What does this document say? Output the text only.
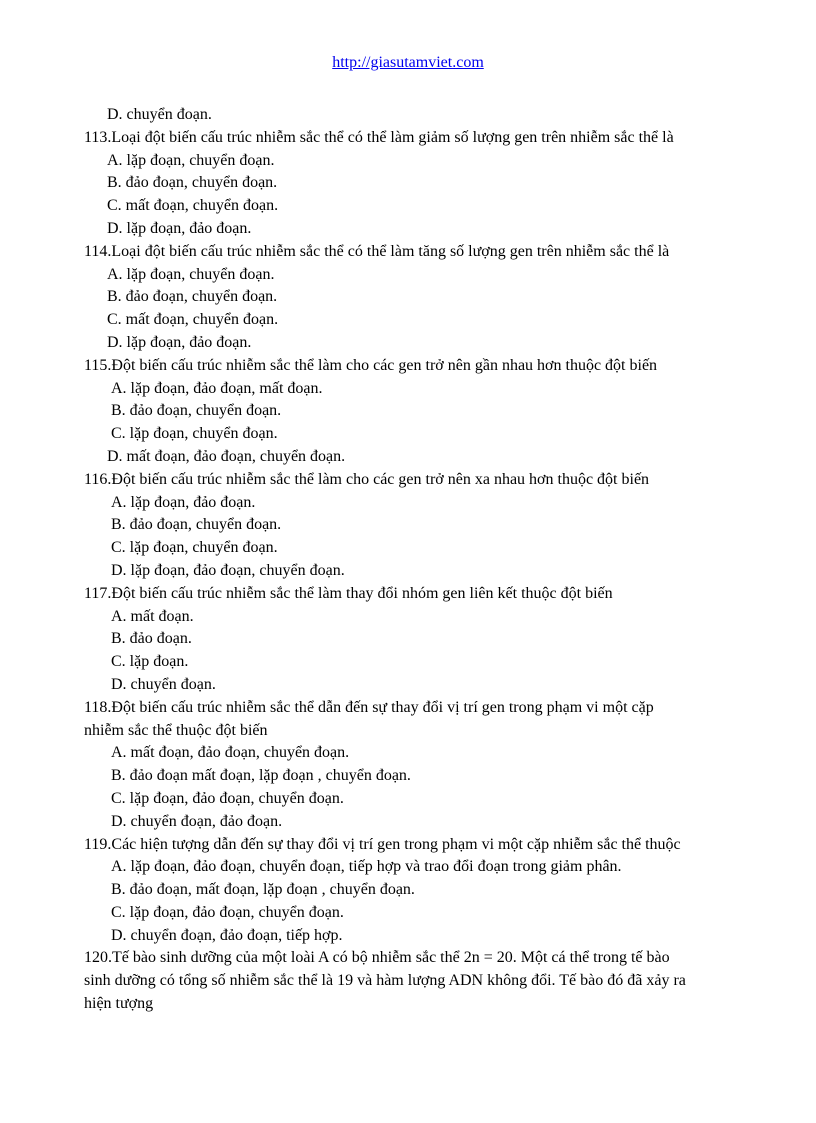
http://giasutamviet.com
D. chuyển đoạn.
113.Loại đột biến cấu trúc nhiễm sắc thể có thể làm giảm số lượng gen trên nhiễm sắc thể là
A. lặp đoạn, chuyển đoạn.
B. đảo đoạn, chuyển đoạn.
C. mất đoạn, chuyển đoạn.
D. lặp đoạn, đảo đoạn.
114.Loại đột biến cấu trúc nhiễm sắc thể có thể làm tăng số lượng gen trên nhiễm sắc thể là
A. lặp đoạn, chuyển đoạn.
B. đảo đoạn, chuyển đoạn.
C. mất đoạn, chuyển đoạn.
D. lặp đoạn, đảo đoạn.
115.Đột biến cấu trúc nhiễm sắc thể làm cho các gen trở nên gần nhau hơn thuộc đột biến
A. lặp đoạn, đảo đoạn, mất đoạn.
B. đảo đoạn, chuyển đoạn.
C. lặp đoạn, chuyển đoạn.
D. mất đoạn, đảo đoạn, chuyển đoạn.
116.Đột biến cấu trúc nhiễm sắc thể làm cho các gen trở nên xa nhau hơn thuộc đột biến
A. lặp đoạn, đảo đoạn.
B. đảo đoạn, chuyển đoạn.
C. lặp đoạn, chuyển đoạn.
D. lặp đoạn, đảo đoạn, chuyển đoạn.
117.Đột biến cấu trúc nhiễm sắc thể làm thay đổi nhóm gen liên kết thuộc đột biến
A. mất đoạn.
B. đảo đoạn.
C. lặp đoạn.
D. chuyển đoạn.
118.Đột biến cấu trúc nhiễm sắc thể dẫn đến sự thay đổi vị trí gen trong phạm vi một cặp
nhiễm sắc thể thuộc đột biến
A. mất đoạn, đảo đoạn, chuyển đoạn.
B. đảo đoạn mất đoạn, lặp đoạn , chuyển đoạn.
C. lặp đoạn, đảo đoạn, chuyển đoạn.
D. chuyển đoạn, đảo đoạn.
119.Các hiện tượng dẫn đến sự thay đổi vị trí gen trong phạm vi một cặp nhiễm sắc thể thuộc
A. lặp đoạn, đảo đoạn, chuyển đoạn, tiếp hợp và trao đổi đoạn trong giảm phân.
B. đảo đoạn, mất đoạn, lặp đoạn , chuyển đoạn.
C. lặp đoạn, đảo đoạn, chuyển đoạn.
D. chuyển đoạn, đảo đoạn, tiếp hợp.
120.Tế bào sinh dưỡng của một loài A có bộ nhiễm sắc thể 2n = 20. Một cá thể trong tế bào
sinh dưỡng có tổng số nhiễm sắc thể là 19 và hàm lượng ADN không đổi. Tế bào đó đã xảy ra
hiện tượng
